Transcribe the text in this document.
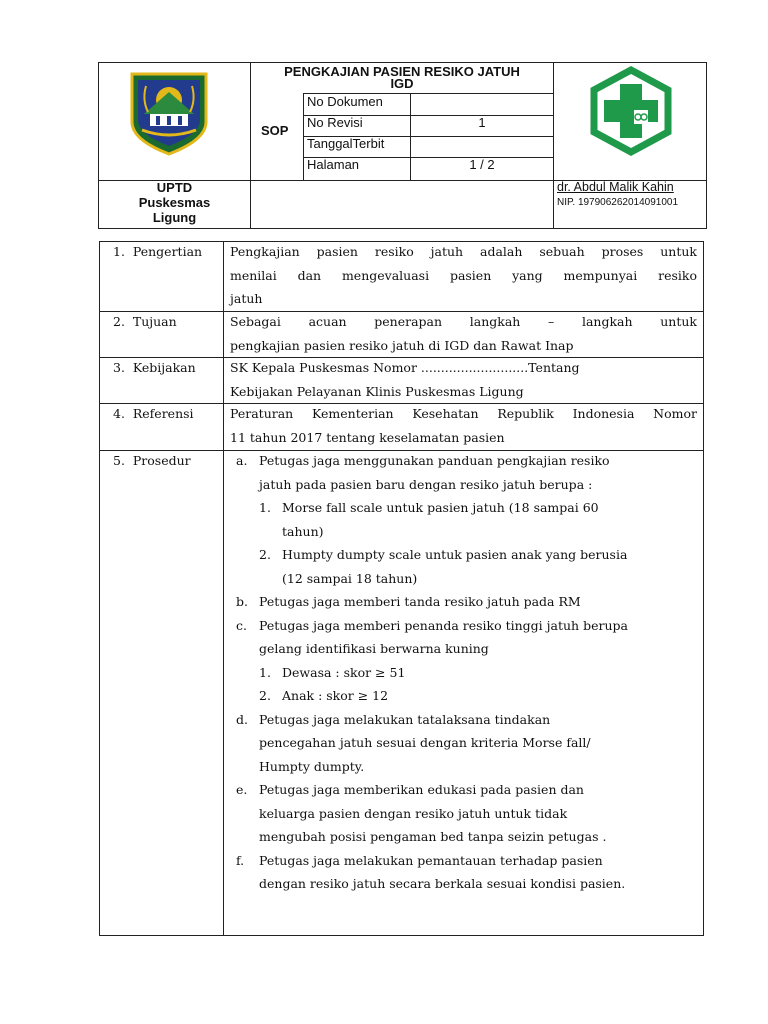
PENGKAJIAN PASIEN RESIKO JATUH
IGD
SOP
No Dokumen
No Revisi	1
TanggalTerbit
Halaman	1 / 2
UPTD
Puskesmas
Ligung
dr. Abdul Malik Kahin
NIP. 197906262014091001
1.  Pengertian
2.  Tujuan
3.  Kebijakan
4.  Referensi
5.  Prosedur
Pengkajian pasien resiko jatuh adalah sebuah proses untuk
menilai dan mengevaluasi pasien yang mempunyai resiko
jatuh
Sebagai acuan penerapan langkah – langkah untuk
pengkajian pasien resiko jatuh di IGD dan Rawat Inap
SK Kepala Puskesmas Nomor ...........................Tentang
Kebijakan Pelayanan Klinis Puskesmas Ligung
Peraturan Kementerian Kesehatan Republik Indonesia Nomor
11 tahun 2017 tentang keselamatan pasien
a. Petugas jaga menggunakan panduan pengkajian resiko
jatuh pada pasien baru dengan resiko jatuh berupa :
1. Morse fall scale untuk pasien jatuh (18 sampai 60
tahun)
2. Humpty dumpty scale untuk pasien anak yang berusia
(12 sampai 18 tahun)
b. Petugas jaga memberi tanda resiko jatuh pada RM
c. Petugas jaga memberi penanda resiko tinggi jatuh berupa
gelang identifikasi berwarna kuning
1. Dewasa : skor ≥ 51
2. Anak : skor ≥ 12
d. Petugas jaga melakukan tatalaksana tindakan
pencegahan jatuh sesuai dengan kriteria Morse fall/
Humpty dumpty.
e. Petugas jaga memberikan edukasi pada pasien dan
keluarga pasien dengan resiko jatuh untuk tidak
mengubah posisi pengaman bed tanpa seizin petugas .
f. Petugas jaga melakukan pemantauan terhadap pasien
dengan resiko jatuh secara berkala sesuai kondisi pasien.
